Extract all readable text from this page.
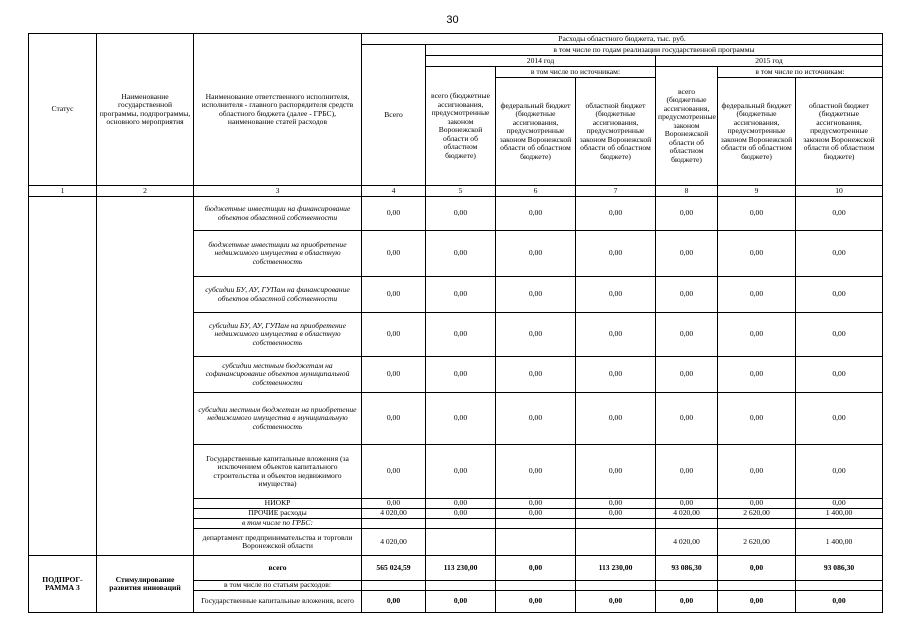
30
Статус	Наименование государственной программы, подпрограммы, основного мероприятия	Наименование ответственного исполнителя, исполнителя - главного распорядителя средств областного бюджета (далее - ГРБС), наименование статей расходов	Расходы областного бюджета, тыс. руб.						
			Всего	в том числе по годам реализации государственной программы					
				2014 год			2015 год		
				всего (бюджетные ассигнования, предусмотренные законом Воронежской области об областном бюджете)	в том числе по источникам:		всего (бюджетные ассигнования, предусмотренные законом Воронежской области об областном бюджете)	в том числе по источникам:	
					федеральный бюджет (бюджетные ассигнования, предусмотренные законом Воронежской области об областном бюджете)	областной бюджет (бюджетные ассигнования, предусмотренные законом Воронежской области об областном бюджете)		федеральный бюджет (бюджетные ассигнования, предусмотренные законом Воронежской области об областном бюджете)	областной бюджет (бюджетные ассигнования, предусмотренные законом Воронежской области об областном бюджете)
1	2	3	4	5	6	7	8	9	10
		бюджетные инвестиции на финансирование объектов областной собственности	0,00	0,00	0,00	0,00	0,00	0,00	0,00
		бюджетные инвестиции на приобретение недвижимого имущества в областную собственность	0,00	0,00	0,00	0,00	0,00	0,00	0,00
		субсидии БУ, АУ, ГУПам на финансирование объектов областной собственности	0,00	0,00	0,00	0,00	0,00	0,00	0,00
		субсидии БУ, АУ, ГУПам на приобретение недвижимого имущества в областную собственность	0,00	0,00	0,00	0,00	0,00	0,00	0,00
		субсидии местным бюджетам на софинансирование объектов муниципальной собственности	0,00	0,00	0,00	0,00	0,00	0,00	0,00
		субсидии местным бюджетам на приобретение недвижимого имущества в муниципальную собственность	0,00	0,00	0,00	0,00	0,00	0,00	0,00
		Государственные капитальные вложения (за исключением объектов капитального строительства и объектов недвижимого имущества)	0,00	0,00	0,00	0,00	0,00	0,00	0,00
		НИОКР	0,00	0,00	0,00	0,00	0,00	0,00	0,00
		ПРОЧИЕ расходы	4 020,00	0,00	0,00	0,00	4 020,00	2 620,00	1 400,00
		в том числе по ГРБС:							
		департамент предпринимательства и торговли Воронежской области	4 020,00				4 020,00	2 620,00	1 400,00
ПОДПРОГ-РАММА 3	Стимулирование развития инноваций	всего	565 024,59	113 230,00	0,00	113 230,00	93 086,30	0,00	93 086,30
		в том числе по статьям расходов:							
		Государственные капитальные вложения, всего	0,00	0,00	0,00	0,00	0,00	0,00	0,00
